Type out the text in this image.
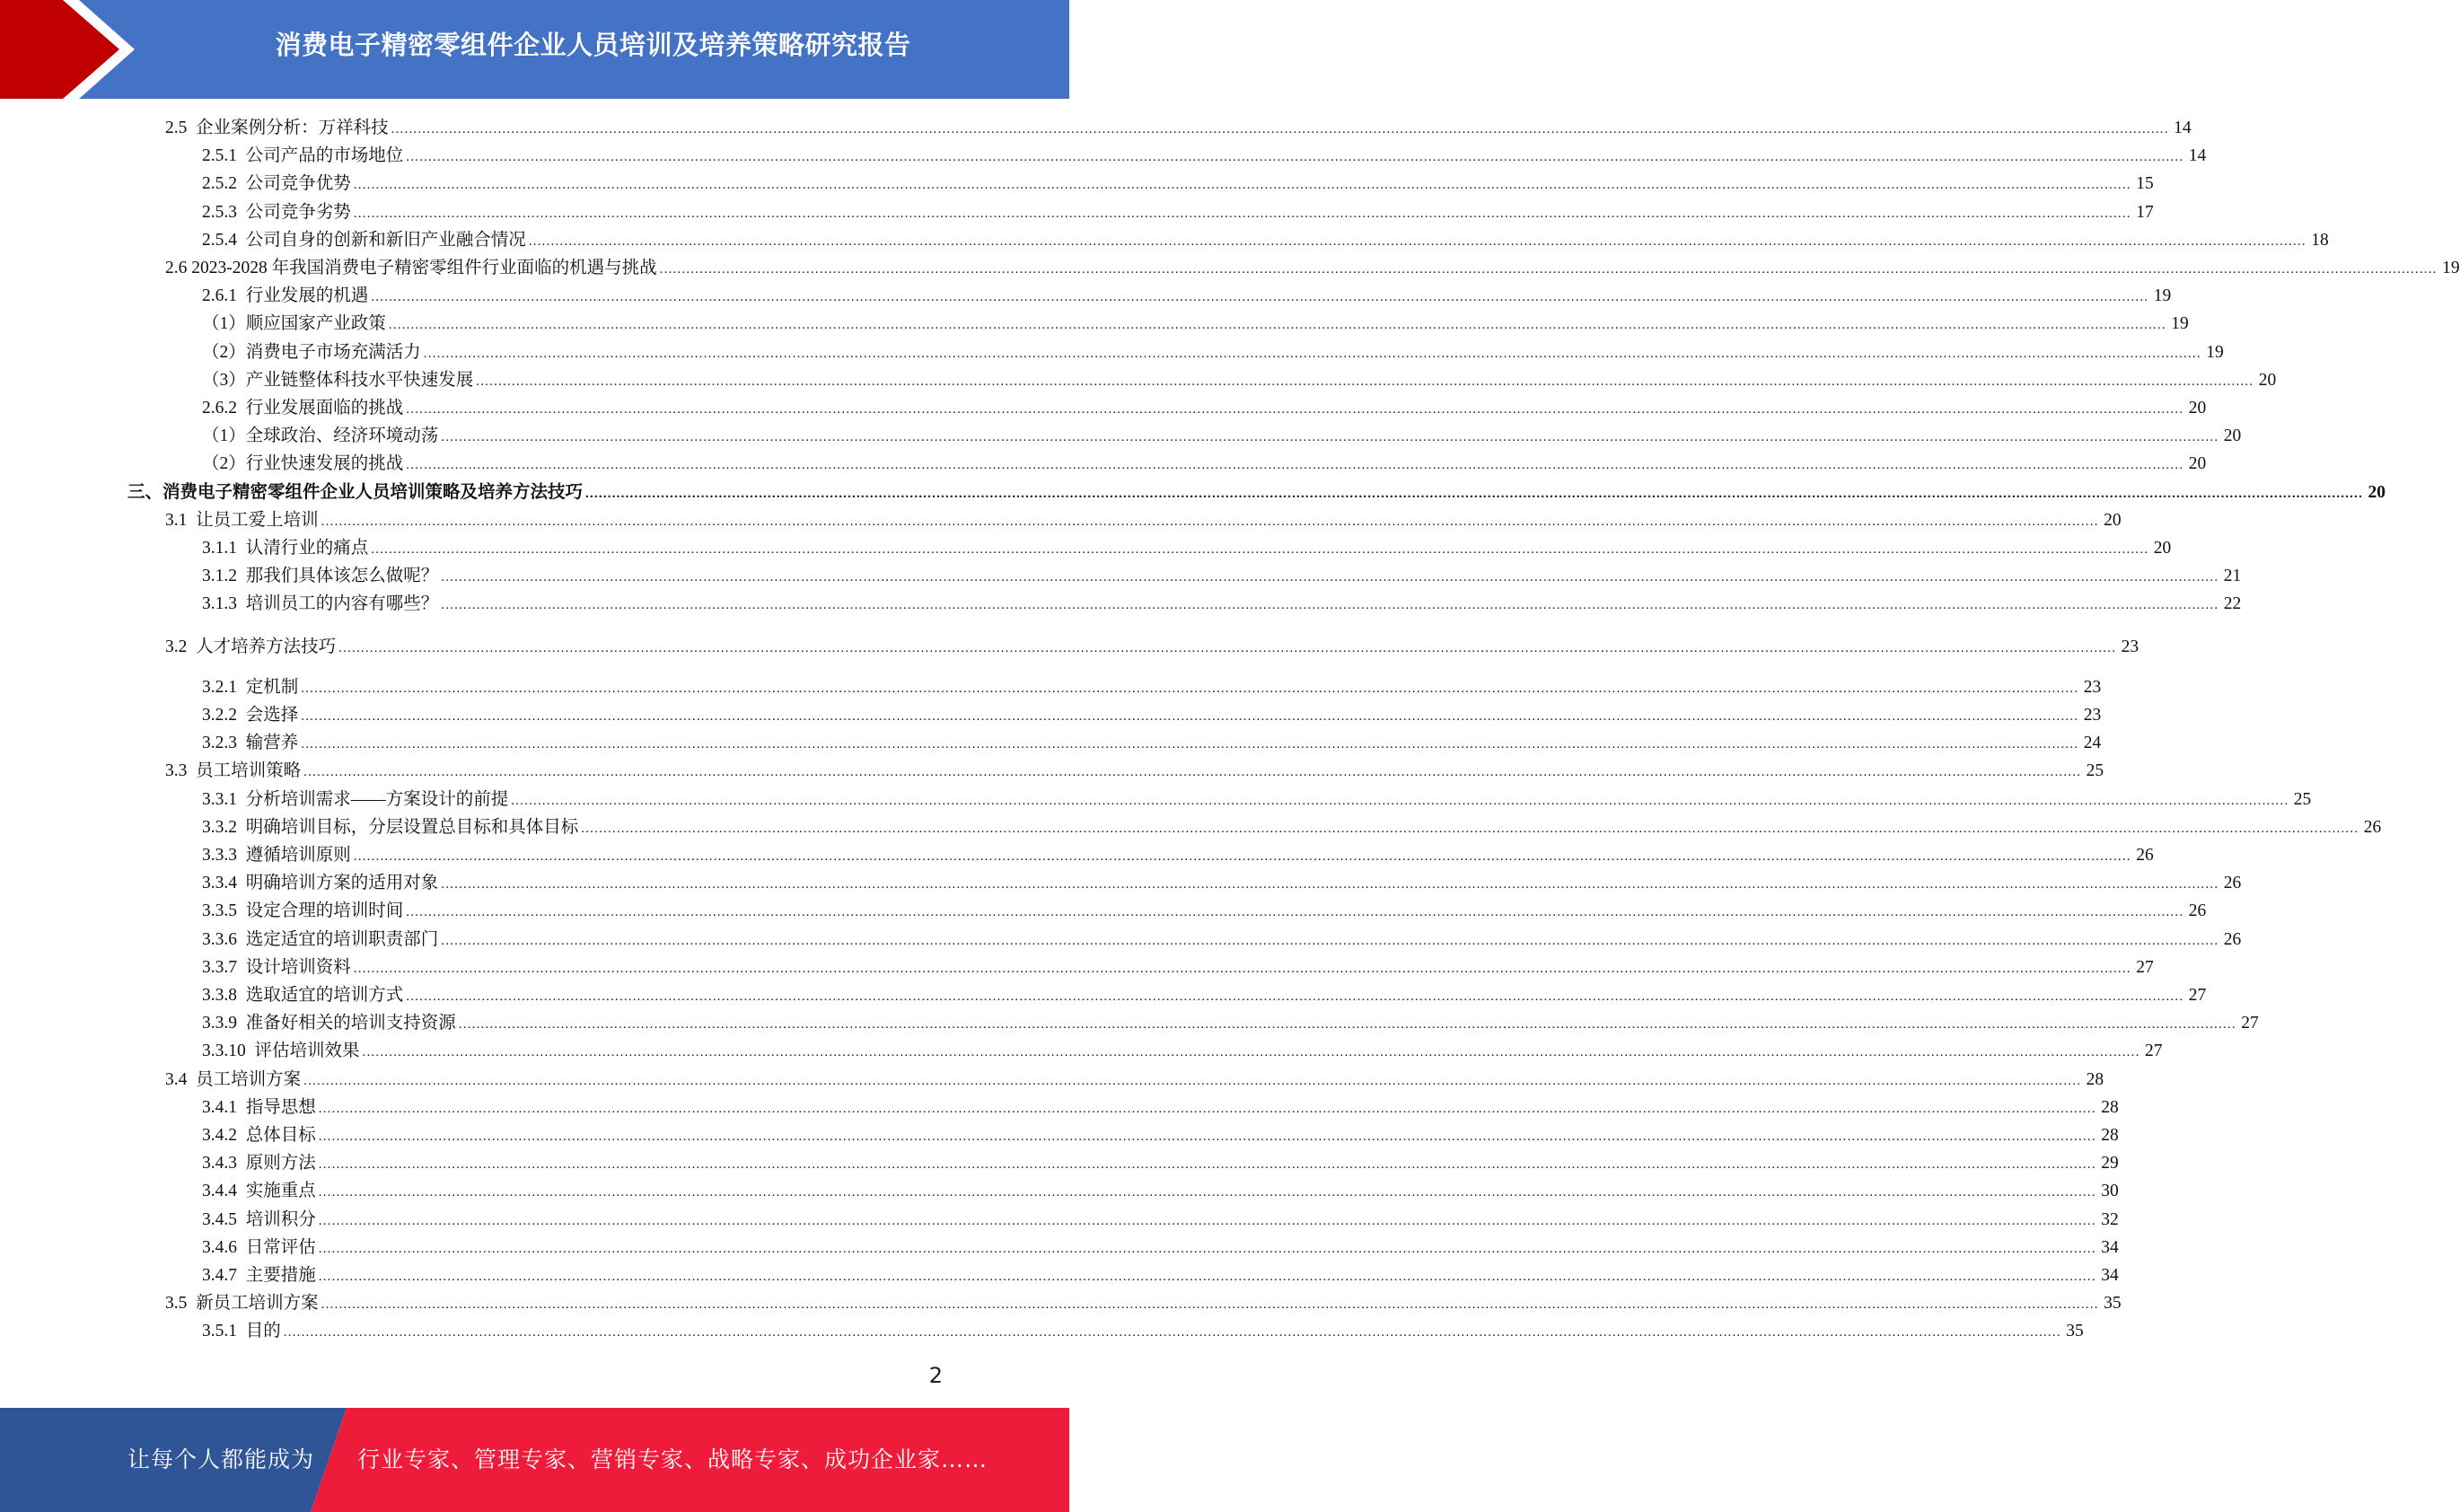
消费电子精密零组件企业人员培训及培养策略研究报告
2.5  企业案例分析：万祥科技 ................................................................................................................................................................................................................................................................................................................................................................................................................ 14
2.5.1  公司产品的市场地位 ................................................................................................................................................................................................................................................................................................................................................................................................................ 14
2.5.2  公司竞争优势 ................................................................................................................................................................................................................................................................................................................................................................................................................ 15
2.5.3  公司竞争劣势 ................................................................................................................................................................................................................................................................................................................................................................................................................ 17
2.5.4  公司自身的创新和新旧产业融合情况 ................................................................................................................................................................................................................................................................................................................................................................................................................ 18
2.6 2023-2028 年我国消费电子精密零组件行业面临的机遇与挑战 ................................................................................................................................................................................................................................................................................................................................................................................................................ 19
2.6.1  行业发展的机遇 ................................................................................................................................................................................................................................................................................................................................................................................................................ 19
（1）顺应国家产业政策 ................................................................................................................................................................................................................................................................................................................................................................................................................ 19
（2）消费电子市场充满活力 ................................................................................................................................................................................................................................................................................................................................................................................................................ 19
（3）产业链整体科技水平快速发展 ................................................................................................................................................................................................................................................................................................................................................................................................................ 20
2.6.2  行业发展面临的挑战 ................................................................................................................................................................................................................................................................................................................................................................................................................ 20
（1）全球政治、经济环境动荡 ................................................................................................................................................................................................................................................................................................................................................................................................................ 20
（2）行业快速发展的挑战 ................................................................................................................................................................................................................................................................................................................................................................................................................ 20
三、消费电子精密零组件企业人员培训策略及培养方法技巧 ................................................................................................................................................................................................................................................................................................................................................................................................................ 20
3.1  让员工爱上培训 ................................................................................................................................................................................................................................................................................................................................................................................................................ 20
3.1.1  认清行业的痛点 ................................................................................................................................................................................................................................................................................................................................................................................................................ 20
3.1.2  那我们具体该怎么做呢？ ................................................................................................................................................................................................................................................................................................................................................................................................................ 21
3.1.3  培训员工的内容有哪些？ ................................................................................................................................................................................................................................................................................................................................................................................................................ 22
3.2  人才培养方法技巧 ................................................................................................................................................................................................................................................................................................................................................................................................................ 23
3.2.1  定机制 ................................................................................................................................................................................................................................................................................................................................................................................................................ 23
3.2.2  会选择 ................................................................................................................................................................................................................................................................................................................................................................................................................ 23
3.2.3  输营养 ................................................................................................................................................................................................................................................................................................................................................................................................................ 24
3.3  员工培训策略 ................................................................................................................................................................................................................................................................................................................................................................................................................ 25
3.3.1  分析培训需求——方案设计的前提 ................................................................................................................................................................................................................................................................................................................................................................................................................ 25
3.3.2  明确培训目标，分层设置总目标和具体目标 ................................................................................................................................................................................................................................................................................................................................................................................................................ 26
3.3.3  遵循培训原则 ................................................................................................................................................................................................................................................................................................................................................................................................................ 26
3.3.4  明确培训方案的适用对象 ................................................................................................................................................................................................................................................................................................................................................................................................................ 26
3.3.5  设定合理的培训时间 ................................................................................................................................................................................................................................................................................................................................................................................................................ 26
3.3.6  选定适宜的培训职责部门 ................................................................................................................................................................................................................................................................................................................................................................................................................ 26
3.3.7  设计培训资料 ................................................................................................................................................................................................................................................................................................................................................................................................................ 27
3.3.8  选取适宜的培训方式 ................................................................................................................................................................................................................................................................................................................................................................................................................ 27
3.3.9  准备好相关的培训支持资源 ................................................................................................................................................................................................................................................................................................................................................................................................................ 27
3.3.10  评估培训效果 ................................................................................................................................................................................................................................................................................................................................................................................................................ 27
3.4  员工培训方案 ................................................................................................................................................................................................................................................................................................................................................................................................................ 28
3.4.1  指导思想 ................................................................................................................................................................................................................................................................................................................................................................................................................ 28
3.4.2  总体目标 ................................................................................................................................................................................................................................................................................................................................................................................................................ 28
3.4.3  原则方法 ................................................................................................................................................................................................................................................................................................................................................................................................................ 29
3.4.4  实施重点 ................................................................................................................................................................................................................................................................................................................................................................................................................ 30
3.4.5  培训积分 ................................................................................................................................................................................................................................................................................................................................................................................................................ 32
3.4.6  日常评估 ................................................................................................................................................................................................................................................................................................................................................................................................................ 34
3.4.7  主要措施 ................................................................................................................................................................................................................................................................................................................................................................................................................ 34
3.5  新员工培训方案 ................................................................................................................................................................................................................................................................................................................................................................................................................ 35
3.5.1  目的 ................................................................................................................................................................................................................................................................................................................................................................................................................ 35
2
让每个人都能成为 行业专家、管理专家、营销专家、战略专家、成功企业家……
